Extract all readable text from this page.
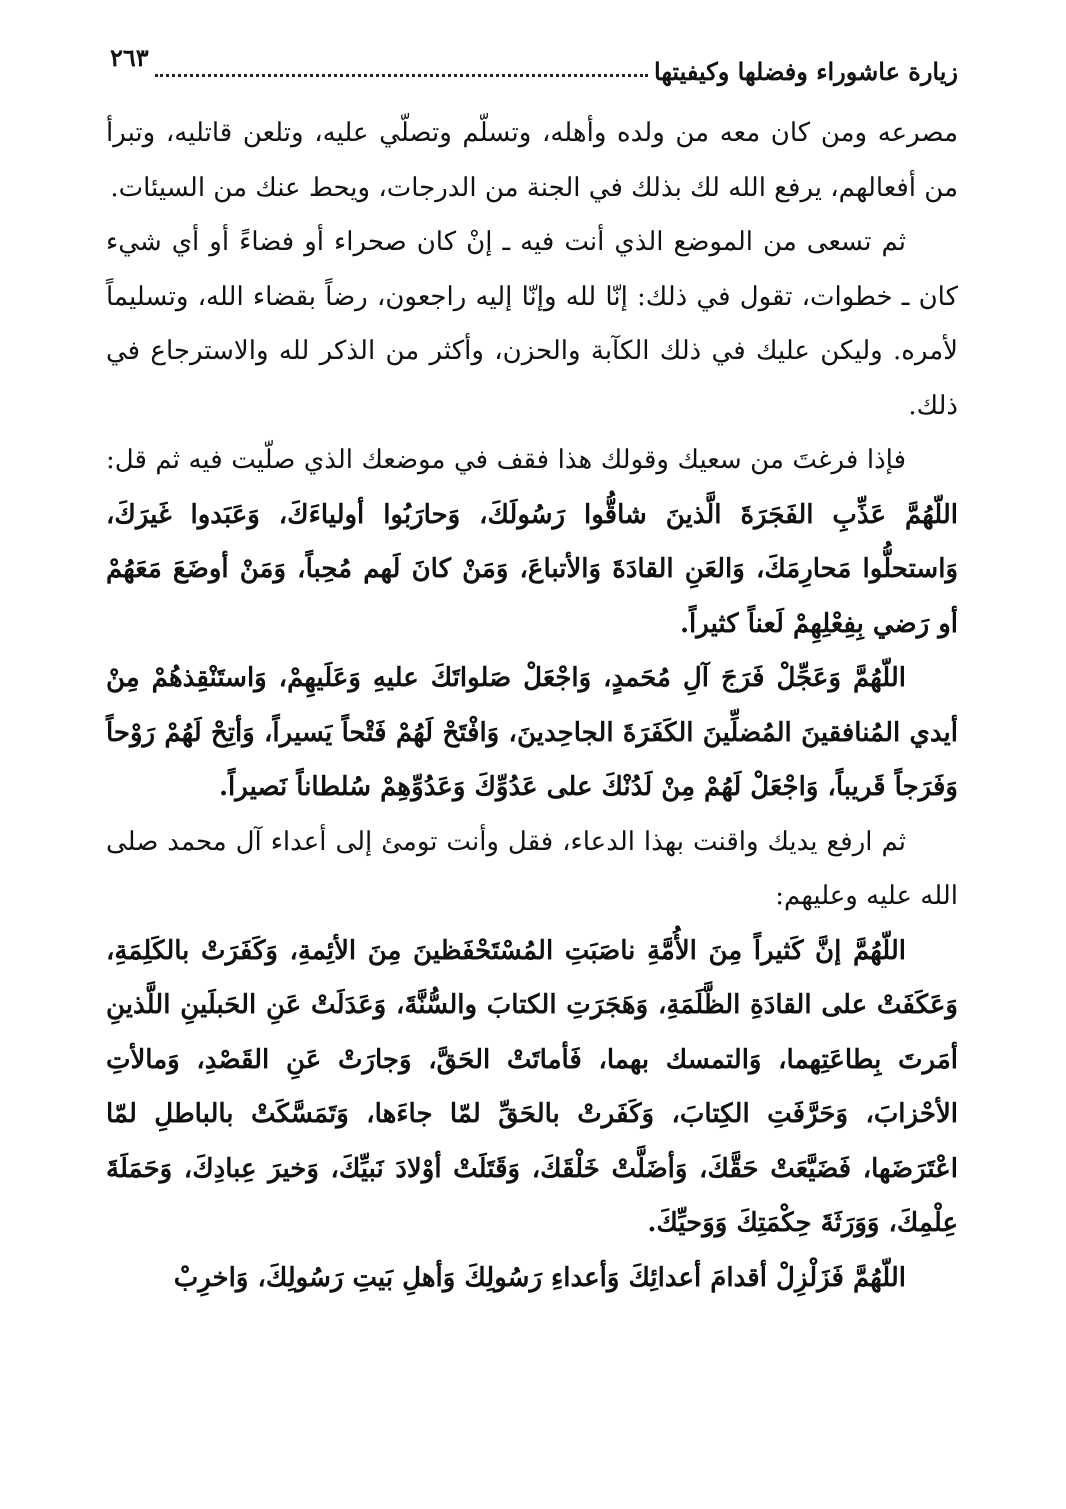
زيارة عاشوراء وفضلها وكيفيتها
٢٦٣

مصرعه ومن كان معه من ولده وأهله، وتسلّم وتصلّي عليه، وتلعن قاتليه، وتبرأ من أفعالهم، يرفع الله لك بذلك في الجنة من الدرجات، ويحط عنك من السيئات.

ثم تسعى من الموضع الذي أنت فيه ـ إنْ كان صحراء أو فضاءً أو أي شيء كان ـ خطوات، تقول في ذلك: إنّا لله وإنّا إليه راجعون، رضاً بقضاء الله، وتسليماً لأمره. وليكن عليك في ذلك الكآبة والحزن، وأكثر من الذكر لله والاسترجاع في ذلك.

فإذا فرغتَ من سعيك وقولك هذا فقف في موضعك الذي صلّيت فيه ثم قل:

اللّهُمَّ عَذِّبِ الفَجَرَةَ الَّذينَ شاقُّوا رَسُولَكَ، وَحارَبُوا أولياءَكَ، وَعَبَدوا غَيرَكَ، وَاستحلُّوا مَحارِمَكَ، وَالعَنِ القادَةَ وَالأتباعَ، وَمَنْ كانَ لَهم مُحِباً، وَمَنْ أوضَعَ مَعَهُمْ أو رَضي بِفِعْلِهِمْ لَعناً كثيراً.

اللّهُمَّ وَعَجِّلْ فَرَجَ آلِ مُحَمدٍ، وَاجْعَلْ صَلواتَكَ عليهِ وَعَلَيهِمْ، وَاستَنْقِذهُمْ مِنْ أيدي المُنافقينَ المُضلِّينَ الكَفَرَةَ الجاحِدينَ، وَافْتَحْ لَهُمْ فَتْحاً يَسيراً، وَأتِحْ لَهُمْ رَوْحاً وَفَرَجاً قَريباً، وَاجْعَلْ لَهُمْ مِنْ لَدُنْكَ على عَدُوِّكَ وَعَدُوِّهِمْ سُلطاناً نَصيراً.

ثم ارفع يديك واقنت بهذا الدعاء، فقل وأنت تومئ إلى أعداء آل محمد صلى الله عليه وعليهم:

اللّهُمَّ إنَّ كَثيراً مِنَ الأُمَّةِ ناصَبَتِ المُسْتَحْفَظينَ مِنَ الأئِمةِ، وَكَفَرَتْ بالكَلِمَةِ، وَعَكَفَتْ على القادَةِ الظَّلَمَةِ، وَهَجَرَتِ الكتابَ والسُّنَّةَ، وَعَدَلَتْ عَنِ الحَبلَينِ اللَّذينِ أمَرتَ بِطاعَتِهما، وَالتمسك بهما، فَأماتَتْ الحَقَّ، وَجارَتْ عَنِ القَصْدِ، وَمالأتِ الأحْزابَ، وَحَرَّفَتِ الكِتابَ، وَكَفَرتْ بالحَقِّ لمّا جاءَها، وَتَمَسَّكَتْ بالباطلِ لمّا اعْتَرَضَها، فَضَيَّعَتْ حَقَّكَ، وَأضَلَّتْ خَلْقَكَ، وَقَتَلَتْ أوْلادَ نَبيِّكَ، وَخيرَ عِبادِكَ، وَحَمَلَةَ عِلْمِكَ، وَوَرَثَةَ حِكْمَتِكَ وَوَحيِّكَ.

اللّهُمَّ فَزَلْزِلْ أقدامَ أعدائِكَ وَأعداءِ رَسُولِكَ وَأهلِ بَيتِ رَسُولِكَ، وَاخرِبْ
